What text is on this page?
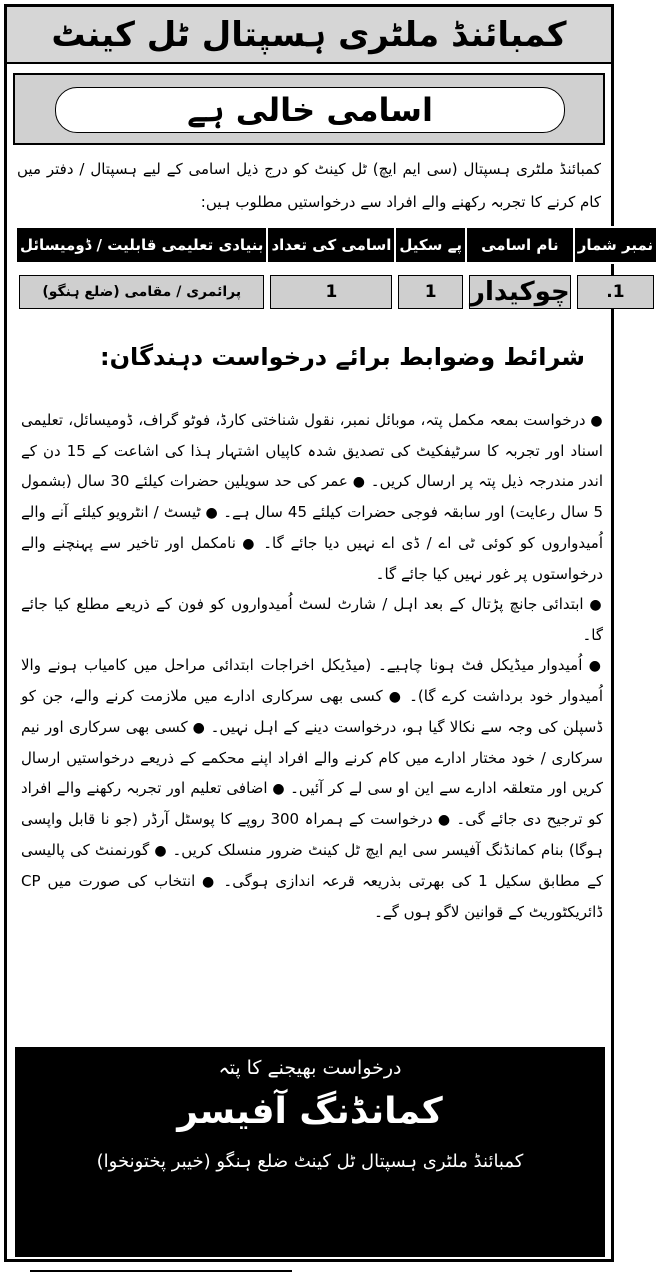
کمبائنڈ ملٹری ہسپتال ٹل کینٹ
اسامی خالی ہے
کمبائنڈ ملٹری ہسپتال (سی ایم ایچ) ٹل کینٹ کو درج ذیل اسامی کے لیے ہسپتال / دفتر میں کام کرنے کا تجربہ رکھنے والے افراد سے درخواستیں مطلوب ہیں:
نمبر شمار	نام اسامی	پے سکیل	اسامی کی تعداد	بنیادی تعلیمی قابلیت / ڈومیسائل

1.	چوکیدار	1	1	پرائمری / مقامی (ضلع ہنگو)
شرائط وضوابط برائے درخواست دہندگان:
● درخواست بمعہ مکمل پتہ، موبائل نمبر، نقول شناختی کارڈ، فوٹو گراف، ڈومیسائل، تعلیمی اسناد اور تجربہ کا سرٹیفکیٹ کی تصدیق شدہ کاپیاں اشتہار ہذا کی اشاعت کے 15 دن کے اندر مندرجہ ذیل پتہ پر ارسال کریں۔ ● عمر کی حد سویلین حضرات کیلئے 30 سال (بشمول 5 سال رعایت) اور سابقہ فوجی حضرات کیلئے 45 سال ہے۔ ● ٹیسٹ / انٹرویو کیلئے آنے والے اُمیدواروں کو کوئی ٹی اے / ڈی اے نہیں دیا جائے گا۔ ● نامکمل اور تاخیر سے پہنچنے والے درخواستوں پر غور نہیں کیا جائے گا۔
● ابتدائی جانچ پڑتال کے بعد اہل / شارٹ لسٹ اُمیدواروں کو فون کے ذریعے مطلع کیا جائے گا۔
● اُمیدوار میڈیکل فٹ ہونا چاہیے۔ (میڈیکل اخراجات ابتدائی مراحل میں کامیاب ہونے والا اُمیدوار خود برداشت کرے گا)۔ ● کسی بھی سرکاری ادارے میں ملازمت کرنے والے، جن کو ڈسپلن کی وجہ سے نکالا گیا ہو، درخواست دینے کے اہل نہیں۔ ● کسی بھی سرکاری اور نیم سرکاری / خود مختار ادارے میں کام کرنے والے افراد اپنے محکمے کے ذریعے درخواستیں ارسال کریں اور متعلقہ ادارے سے این او سی لے کر آئیں۔ ● اضافی تعلیم اور تجربہ رکھنے والے افراد کو ترجیح دی جائے گی۔ ● درخواست کے ہمراہ 300 روپے کا پوسٹل آرڈر (جو نا قابل واپسی ہوگا) بنام کمانڈنگ آفیسر سی ایم ایچ ٹل کینٹ ضرور منسلک کریں۔ ● گورنمنٹ کی پالیسی کے مطابق سکیل 1 کی بھرتی بذریعہ قرعہ اندازی ہوگی۔ ● انتخاب کی صورت میں CP ڈائریکٹوریٹ کے قوانین لاگو ہوں گے۔
درخواست بھیجنے کا پتہ
کمانڈنگ آفیسر
کمبائنڈ ملٹری ہسپتال ٹل کینٹ ضلع ہنگو (خیبر پختونخوا)
